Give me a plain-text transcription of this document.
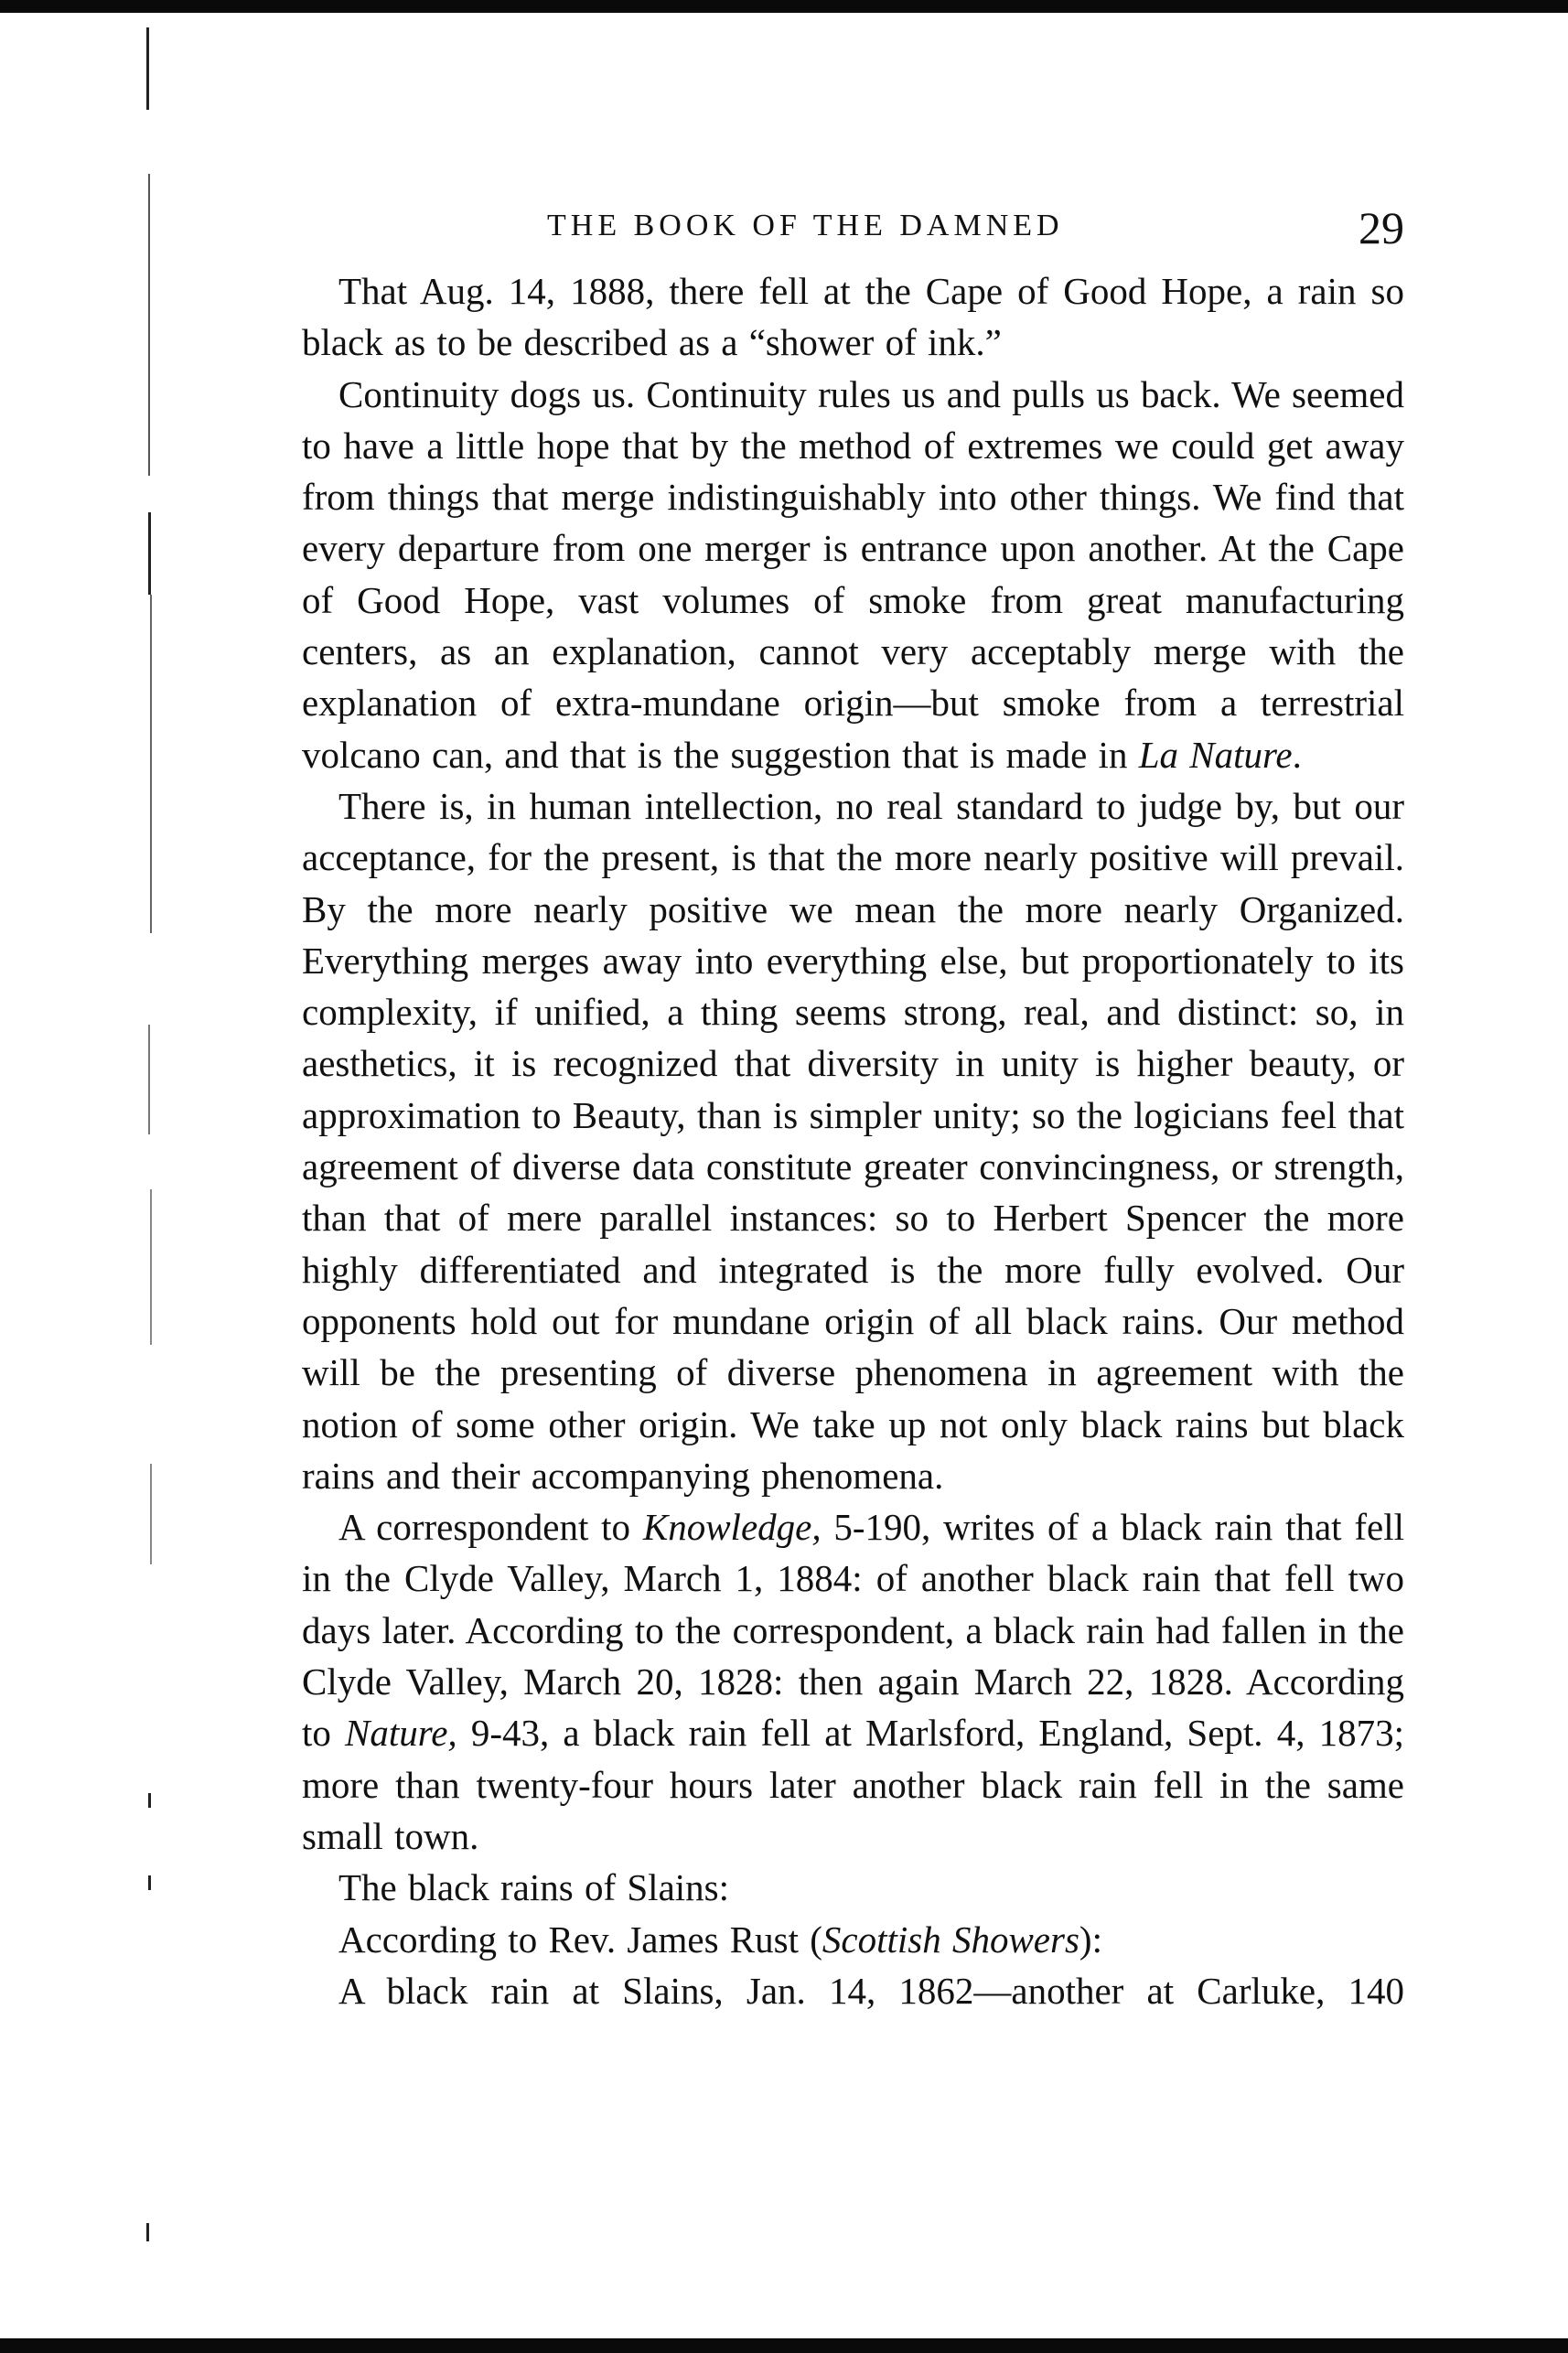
THE BOOK OF THE DAMNED	29

That Aug. 14, 1888, there fell at the Cape of Good Hope, a rain so black as to be described as a “shower of ink.”

Continuity dogs us. Continuity rules us and pulls us back. We seemed to have a little hope that by the method of extremes we could get away from things that merge indistinguishably into other things. We find that every departure from one merger is entrance upon another. At the Cape of Good Hope, vast volumes of smoke from great manufacturing centers, as an explanation, cannot very acceptably merge with the explanation of extra-mundane origin—but smoke from a terrestrial volcano can, and that is the suggestion that is made in La Nature.

There is, in human intellection, no real standard to judge by, but our acceptance, for the present, is that the more nearly positive will prevail. By the more nearly positive we mean the more nearly Organized. Everything merges away into everything else, but proportionately to its complexity, if unified, a thing seems strong, real, and distinct: so, in aesthetics, it is recognized that diversity in unity is higher beauty, or approximation to Beauty, than is simpler unity; so the logicians feel that agreement of diverse data constitute greater convincingness, or strength, than that of mere parallel instances: so to Herbert Spencer the more highly differentiated and integrated is the more fully evolved. Our opponents hold out for mundane origin of all black rains. Our method will be the presenting of diverse phenomena in agreement with the notion of some other origin. We take up not only black rains but black rains and their accompanying phenomena.

A correspondent to Knowledge, 5-190, writes of a black rain that fell in the Clyde Valley, March 1, 1884: of another black rain that fell two days later. According to the correspondent, a black rain had fallen in the Clyde Valley, March 20, 1828: then again March 22, 1828. According to Nature, 9-43, a black rain fell at Marlsford, England, Sept. 4, 1873; more than twenty-four hours later another black rain fell in the same small town.

The black rains of Slains:

According to Rev. James Rust (Scottish Showers):

A black rain at Slains, Jan. 14, 1862—another at Carluke, 140
